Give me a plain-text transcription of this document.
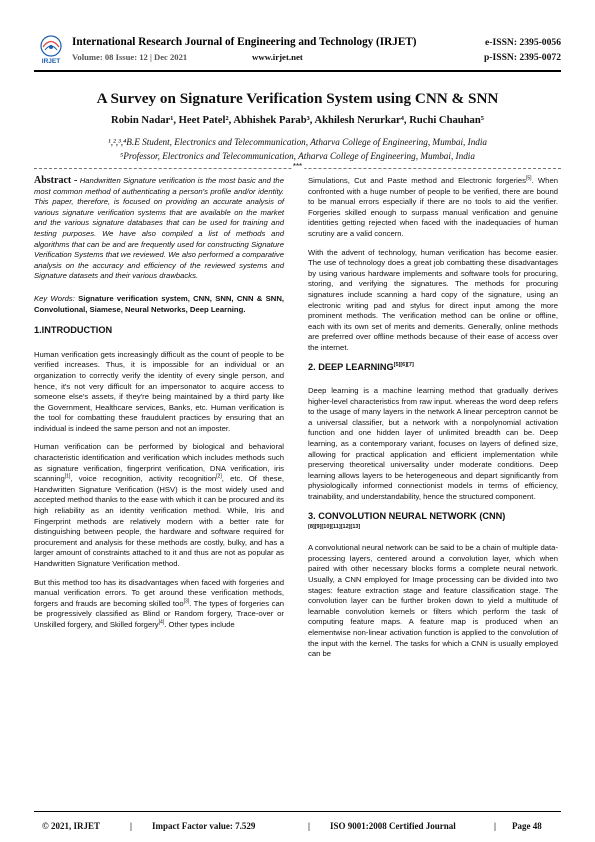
IRJET
International Research Journal of Engineering and Technology (IRJET)	e-ISSN: 2395-0056
Volume: 08 Issue: 12 | Dec 2021	www.irjet.net	p-ISSN: 2395-0072
A Survey on Signature Verification System using CNN & SNN
Robin Nadar¹, Heet Patel², Abhishek Parab³, Akhilesh Nerurkar⁴, Ruchi Chauhan⁵
¹,²,³,⁴B.E Student, Electronics and Telecommunication, Atharva College of Engineering, Mumbai, India
⁵Professor, Electronics and Telecommunication, Atharva College of Engineering, Mumbai, India
***

Abstract - Handwritten Signature verification is the most basic and the most common method of authenticating a person's profile and/or identity. This paper, therefore, is focused on providing an accurate analysis of various signature verification systems that are available on the market and the various signature databases that can be used for training and testing purposes. We have also compiled a list of methods and algorithms that can be and are frequently used for constructing Signature Verification Systems that we reviewed. We also performed a comparative analysis on the accuracy and efficiency of the reviewed systems and Signature datasets and their various drawbacks.

Key Words: Signature verification system, CNN, SNN, CNN & SNN, Convolutional, Siamese, Neural Networks, Deep Learning.

1.INTRODUCTION

Human verification gets increasingly difficult as the count of people to be verified increases. Thus, it is impossible for an individual or an organization to correctly verify the identity of every single person, and hence, it's not very difficult for an impersonator to acquire access to someone else's assets, if they're being maintained by a third party like the Government, Healthcare services, Banks, etc. Human verification is the tool for combatting these fraudulent practices by ensuring that an individual is indeed the same person and not an imposter.

Human verification can be performed by biological and behavioral characteristic identification and verification which includes methods such as signature verification, fingerprint verification, DNA verification, iris scanning[1], voice recognition, activity recognition[2], etc. Of these, Handwritten Signature Verification (HSV) is the most widely used and accepted method thanks to the ease with which it can be procured and its high reliability as an identity verification method. While, Iris and Fingerprint methods are relatively modern with a better rate for distinguishing between people, the hardware and software required for procurement and analysis for these methods are costly, bulky, and has a larger amount of constraints attached to it and thus are not as popular as Handwritten Signature Verification method.

But this method too has its disadvantages when faced with forgeries and manual verification errors. To get around these verification methods, forgers and frauds are becoming skilled too[3]. The types of forgeries can be progressively classified as Blind or Random forgery, Trace-over or Unskilled forgery, and Skilled forgery[4]. Other types include

Simulations, Cut and Paste method and Electronic forgeries[5]. When confronted with a huge number of people to be verified, there are bound to be manual errors especially if there are no tools to aid the verifier. Forgeries skilled enough to surpass manual verification and genuine identities getting rejected when faced with the inadequacies of human scrutiny are a valid concern.

With the advent of technology, human verification has become easier. The use of technology does a great job combatting these disadvantages by using various hardware implements and software tools for procuring, storing, and verifying the signatures. The methods for procuring signatures include scanning a hard copy of the signature, using an electronic writing pad and stylus for direct input among the more prominent methods. The verification method can be online or offline, each with its own set of merits and demerits. Generally, online methods are preferred over offline methods because of their ease of access over the internet.

2. DEEP LEARNING[5][6][7]

Deep learning is a machine learning method that gradually derives higher-level characteristics from raw input. whereas the word deep refers to the usage of many layers in the network A linear perceptron cannot be a universal classifier, but a network with a nonpolynomial activation function and one hidden layer of unlimited breadth can be. Deep learning, as a contemporary variant, focuses on layers of defined size, allowing for practical application and efficient implementation while preserving theoretical universality under moderate conditions. Deep learning allows layers to be heterogeneous and depart significantly from physiologically informed connectionist models in terms of efficiency, trainability, and understandability, hence the structured component.

3. CONVOLUTION NEURAL NETWORK (CNN)
[8][9][10][11][12][13]

A convolutional neural network can be said to be a chain of multiple data-processing layers, centered around a convolution layer, which when paired with other necessary blocks forms a complete neural network. Usually, a CNN employed for Image processing can be divided into two stages: feature extraction stage and feature classification stage. The convolution layer can be further broken down to yield a multitude of learnable convolution kernels or filters which perform the task of computing feature maps. A feature map is produced when an elementwise non-linear activation function is applied to the convolution of the input with the kernel. The tasks for which a CNN is usually employed can be

© 2021, IRJET	| Impact Factor value: 7.529	| ISO 9001:2008 Certified Journal	| Page 48
